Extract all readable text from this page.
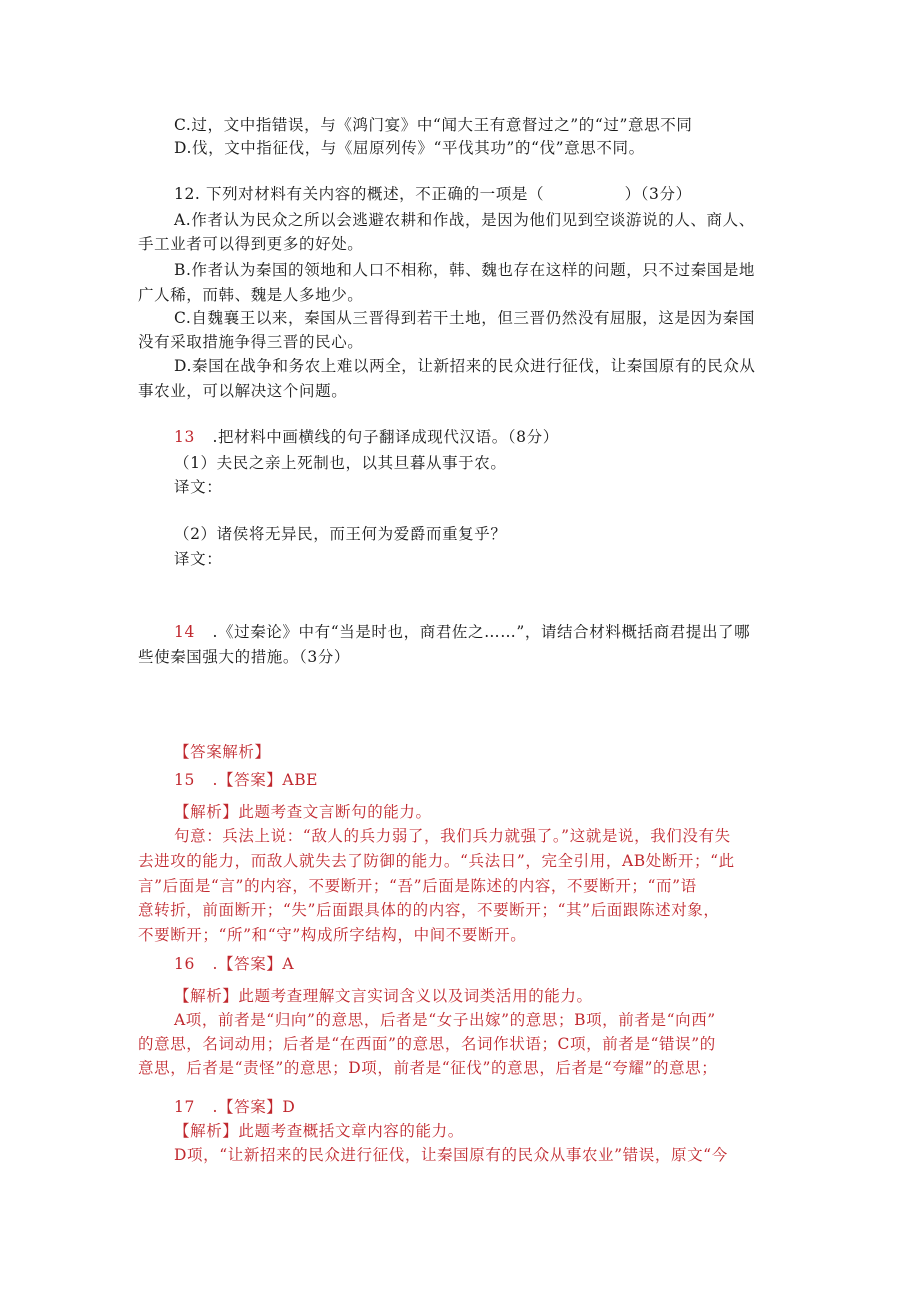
C.过，文中指错误，与《鸿门宴》中“闻大王有意督过之”的“过”意思不同
D.伐，文中指征伐，与《屈原列传》“平伐其功”的“伐”意思不同。
12. 下列对材料有关内容的概述，不正确的一项是（　　　　　）（3分）
A.作者认为民众之所以会逃避农耕和作战，是因为他们见到空谈游说的人、商人、
手工业者可以得到更多的好处。
B.作者认为秦国的领地和人口不相称，韩、魏也存在这样的问题，只不过秦国是地
广人稀，而韩、魏是人多地少。
C.自魏襄王以来，秦国从三晋得到若干土地，但三晋仍然没有屈服，这是因为秦国
没有采取措施争得三晋的民心。
D.秦国在战争和务农上难以两全，让新招来的民众进行征伐，让秦国原有的民众从
事农业，可以解决这个问题。
13 .把材料中画横线的句子翻译成现代汉语。（8分）
（1）夫民之亲上死制也，以其旦暮从事于农。
译文：
（2）诸侯将无异民，而王何为爱爵而重复乎？
译文：
14 .《过秦论》中有“当是时也，商君佐之……”，请结合材料概括商君提出了哪
些使秦国强大的措施。（3分）
【答案解析】
15 .【答案】ABE
【解析】此题考查文言断句的能力。
句意：兵法上说：“敌人的兵力弱了，我们兵力就强了。”这就是说，我们没有失
去进攻的能力，而敌人就失去了防御的能力。“兵法日”，完全引用，AB处断开；“此
言”后面是“言”的内容，不要断开；“吾”后面是陈述的内容，不要断开；“而”语
意转折，前面断开；“失”后面跟具体的的内容，不要断开；“其”后面跟陈述对象，
不要断开；“所”和“守”构成所字结构，中间不要断开。
16 .【答案】A
【解析】此题考查理解文言实词含义以及词类活用的能力。
A项，前者是“归向”的意思，后者是“女子出嫁”的意思；B项，前者是“向西”
的意思，名词动用；后者是“在西面”的意思，名词作状语；C项，前者是“错误”的
意思，后者是“责怪”的意思；D项，前者是“征伐”的意思，后者是“夸耀”的意思；
17 .【答案】D
【解析】此题考查概括文章内容的能力。
D项，“让新招来的民众进行征伐，让秦国原有的民众从事农业”错误，原文“今
